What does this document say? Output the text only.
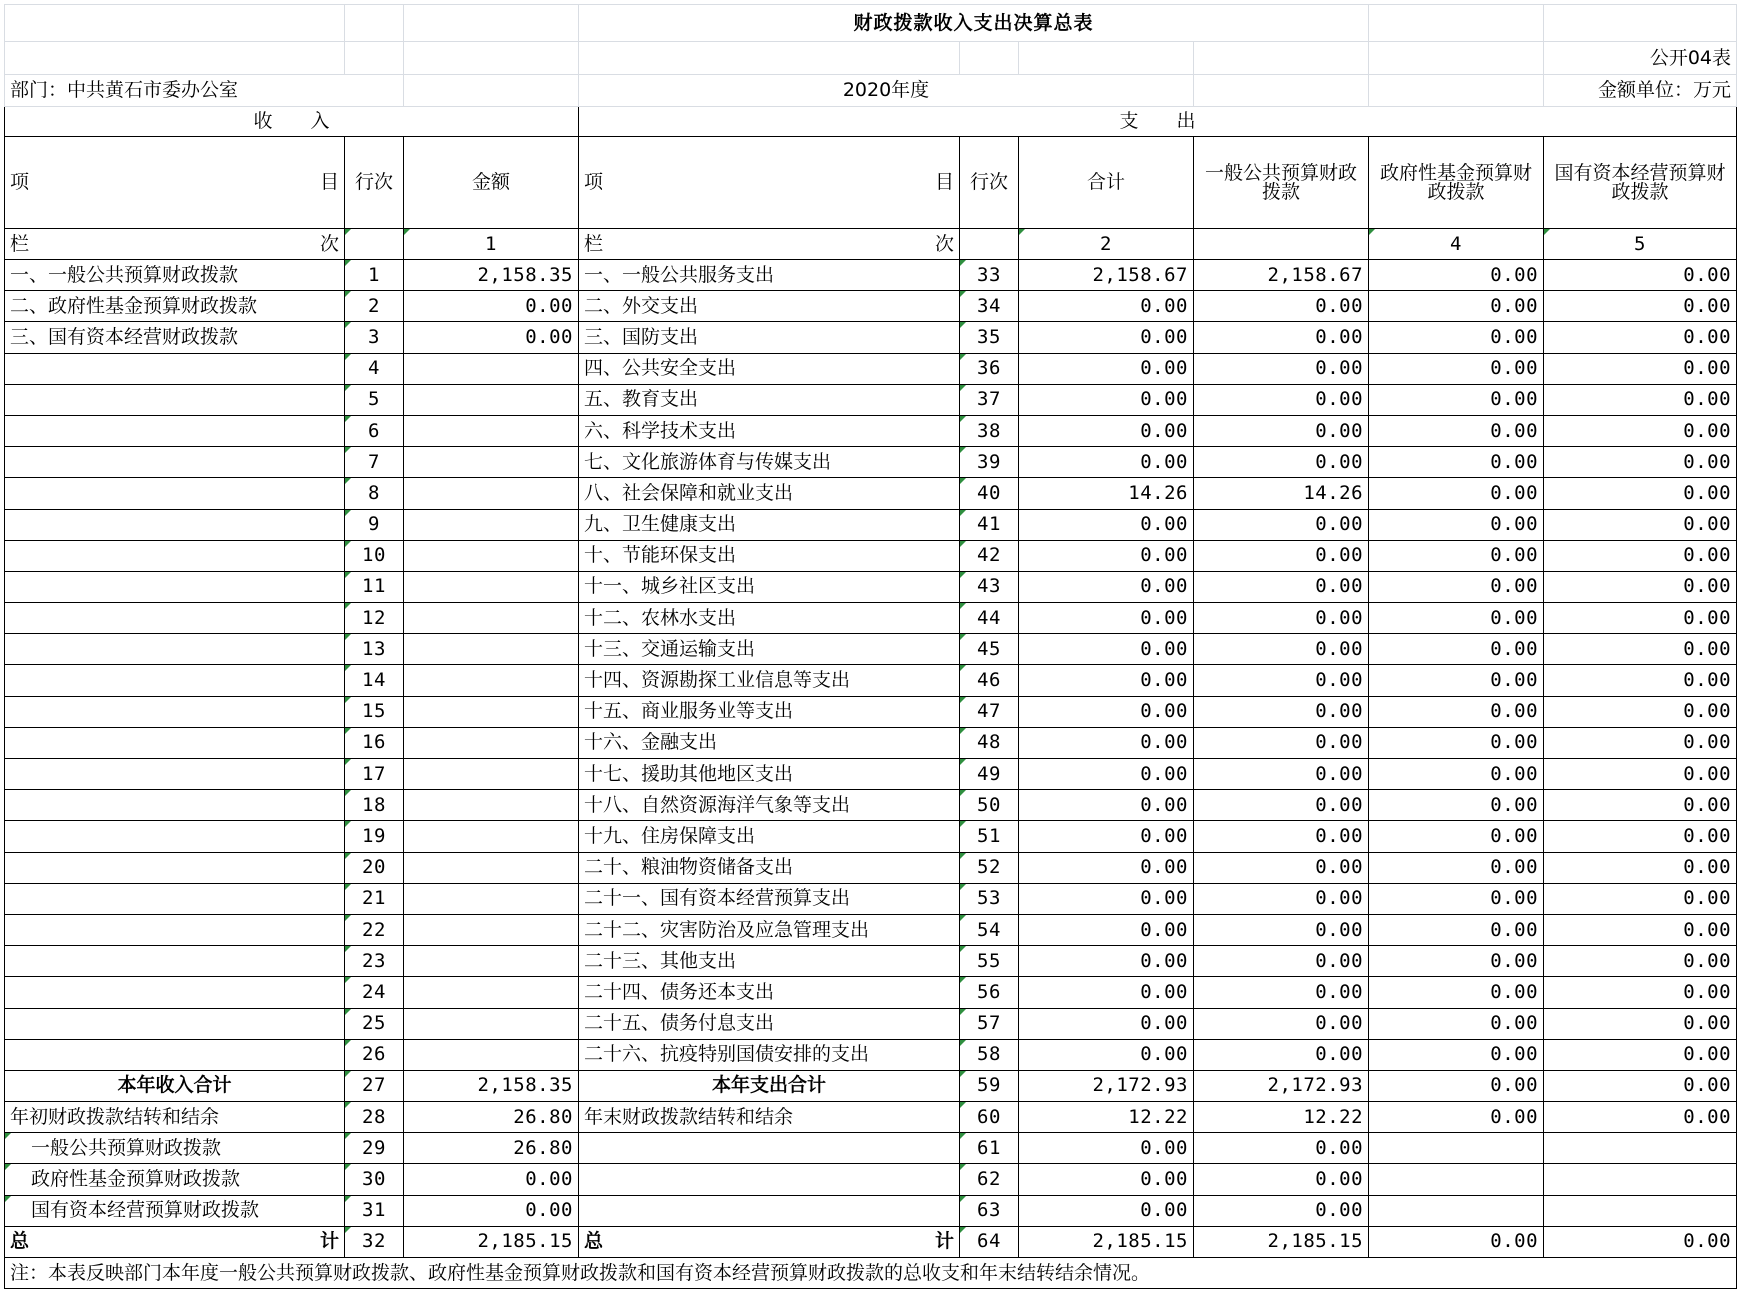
			财政拨款收入支出决算总表					
								公开04表
部门：中共黄石市委办公室			2020年度					金额单位：万元
收　　入			支　　出					

项 目	行次	金额	项 目	行次	合计	一般公共预算财政拨款	政府性基金预算财政拨款	国有资本经营预算财政拨款

栏 次		1	栏 次		2		4	5
一、一般公共预算财政拨款	1	2,158.35	一、一般公共服务支出	33	2,158.67	2,158.67	0.00	0.00
二、政府性基金预算财政拨款	2	0.00	二、外交支出	34	0.00	0.00	0.00	0.00
三、国有资本经营财政拨款	3	0.00	三、国防支出	35	0.00	0.00	0.00	0.00
	4		四、公共安全支出	36	0.00	0.00	0.00	0.00
	5		五、教育支出	37	0.00	0.00	0.00	0.00
	6		六、科学技术支出	38	0.00	0.00	0.00	0.00
	7		七、文化旅游体育与传媒支出	39	0.00	0.00	0.00	0.00
	8		八、社会保障和就业支出	40	14.26	14.26	0.00	0.00
	9		九、卫生健康支出	41	0.00	0.00	0.00	0.00
	10		十、节能环保支出	42	0.00	0.00	0.00	0.00
	11		十一、城乡社区支出	43	0.00	0.00	0.00	0.00
	12		十二、农林水支出	44	0.00	0.00	0.00	0.00
	13		十三、交通运输支出	45	0.00	0.00	0.00	0.00
	14		十四、资源勘探工业信息等支出	46	0.00	0.00	0.00	0.00
	15		十五、商业服务业等支出	47	0.00	0.00	0.00	0.00
	16		十六、金融支出	48	0.00	0.00	0.00	0.00
	17		十七、援助其他地区支出	49	0.00	0.00	0.00	0.00
	18		十八、自然资源海洋气象等支出	50	0.00	0.00	0.00	0.00
	19		十九、住房保障支出	51	0.00	0.00	0.00	0.00
	20		二十、粮油物资储备支出	52	0.00	0.00	0.00	0.00
	21		二十一、国有资本经营预算支出	53	0.00	0.00	0.00	0.00
	22		二十二、灾害防治及应急管理支出	54	0.00	0.00	0.00	0.00
	23		二十三、其他支出	55	0.00	0.00	0.00	0.00
	24		二十四、债务还本支出	56	0.00	0.00	0.00	0.00
	25		二十五、债务付息支出	57	0.00	0.00	0.00	0.00
	26		二十六、抗疫特别国债安排的支出	58	0.00	0.00	0.00	0.00
本年收入合计	27	2,158.35	本年支出合计	59	2,172.93	2,172.93	0.00	0.00
年初财政拨款结转和结余	28	26.80	年末财政拨款结转和结余	60	12.22	12.22	0.00	0.00
一般公共预算财政拨款	29	26.80		61	0.00	0.00		
政府性基金预算财政拨款	30	0.00		62	0.00	0.00		
国有资本经营预算财政拨款	31	0.00		63	0.00	0.00		

总 计	32	2,185.15	总 计	64	2,185.15	2,185.15	0.00	0.00
注：本表反映部门本年度一般公共预算财政拨款、政府性基金预算财政拨款和国有资本经营预算财政拨款的总收支和年末结转结余情况。								
